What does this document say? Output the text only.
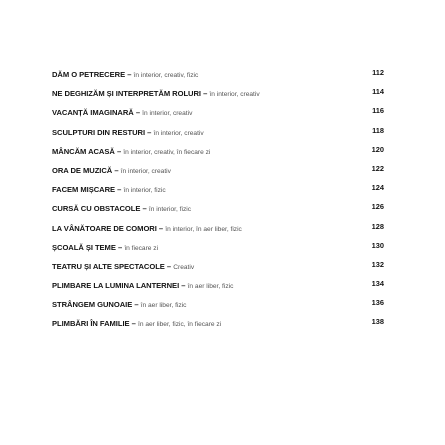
DĂM O PETRECERE – în interior, creativ, fizic	112
NE DEGHIZĂM ȘI INTERPRETĂM ROLURI – în interior, creativ	114
VACANȚĂ IMAGINARĂ – în interior, creativ	116
SCULPTURI DIN RESTURI – în interior, creativ	118
MÂNCĂM ACASĂ – în interior, creativ, în fiecare zi	120
ORA DE MUZICĂ – în interior, creativ	122
FACEM MIȘCARE – în interior, fizic	124
CURSĂ CU OBSTACOLE – în interior, fizic	126
LA VÂNĂTOARE DE COMORI – în interior, în aer liber, fizic	128
ȘCOALĂ ȘI TEME – în fiecare zi	130
TEATRU ȘI ALTE SPECTACOLE – Creativ	132
PLIMBARE LA LUMINA LANTERNEI – în aer liber, fizic	134
STRÂNGEM GUNOAIE – în aer liber, fizic	136
PLIMBĂRI ÎN FAMILIE – în aer liber, fizic, în fiecare zi	138
